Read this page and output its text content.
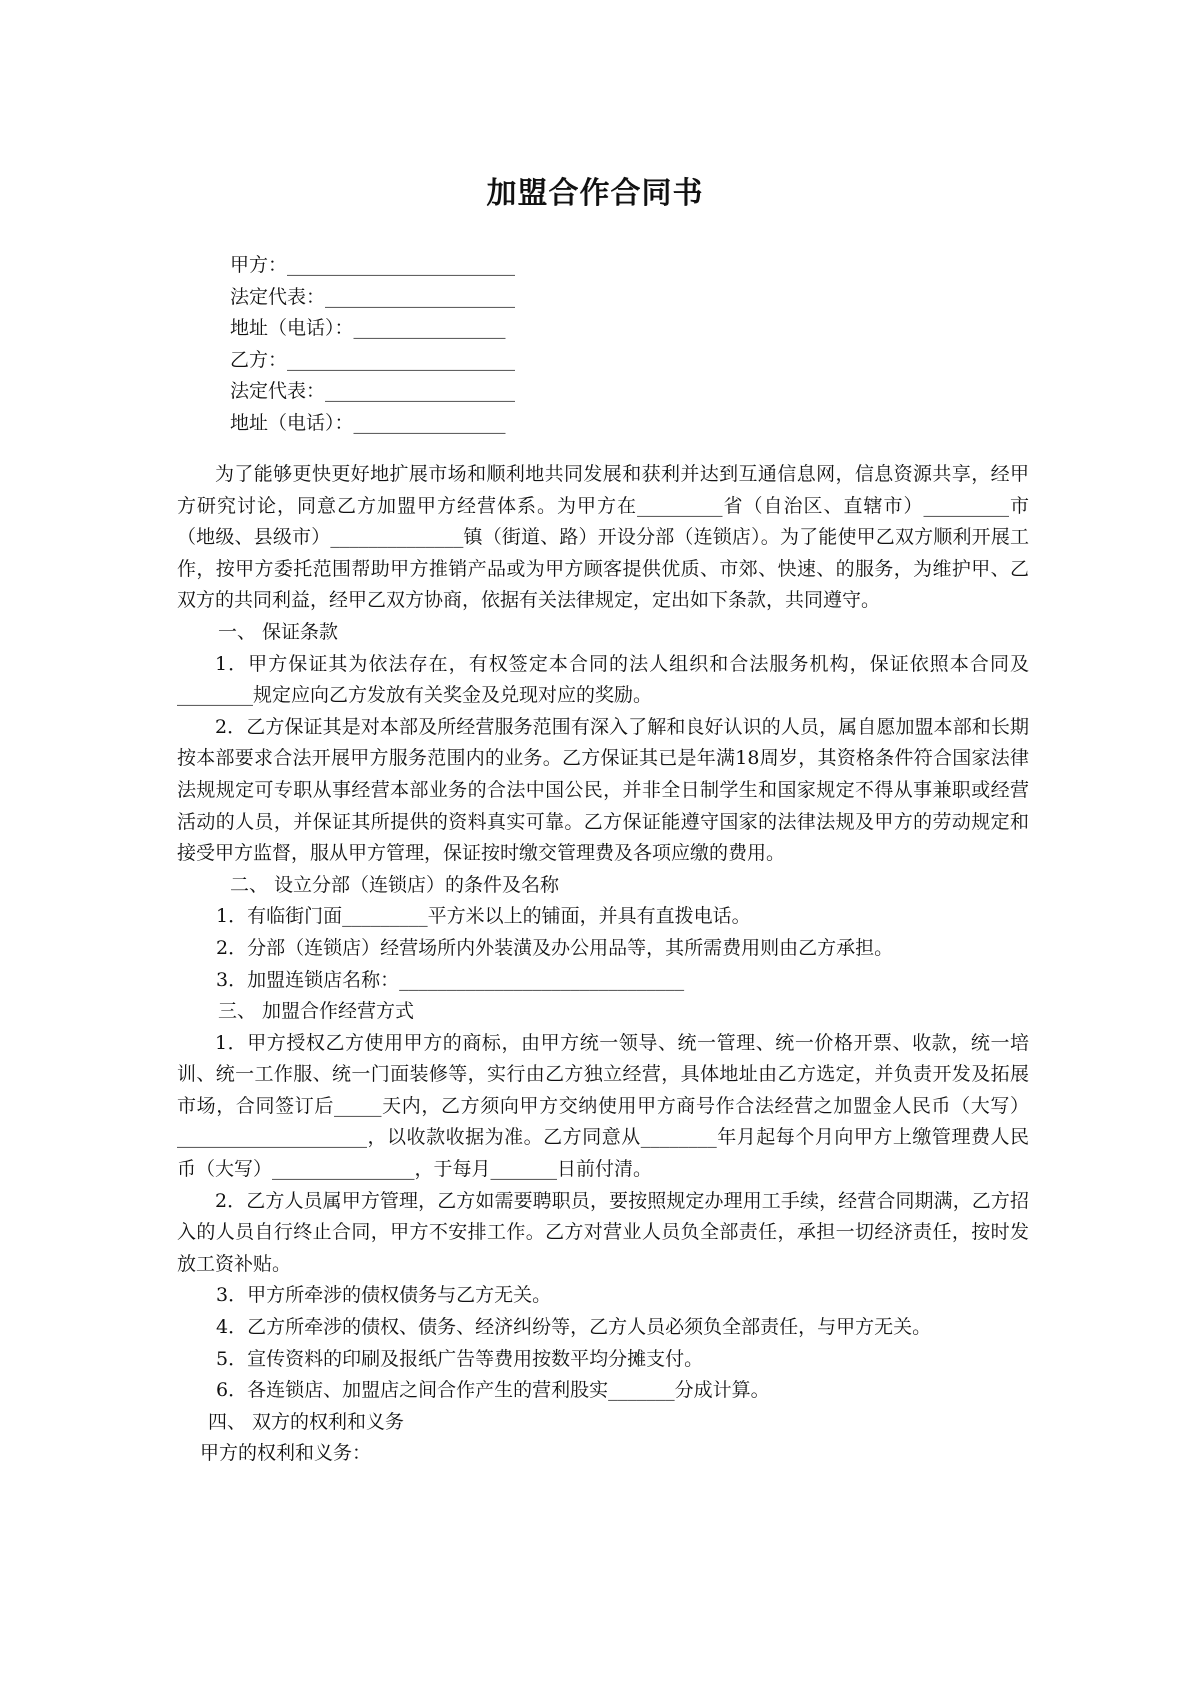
加盟合作合同书
甲方：________________________
法定代表：____________________
地址（电话）：________________
乙方：________________________
法定代表：____________________
地址（电话）：________________
为了能够更快更好地扩展市场和顺利地共同发展和获利并达到互通信息网，信息资源共享，经甲方研究讨论，同意乙方加盟甲方经营体系。为甲方在_________省（自治区、直辖市）_________市（地级、县级市）______________镇（街道、路）开设分部（连锁店）。为了能使甲乙双方顺利开展工作，按甲方委托范围帮助甲方推销产品或为甲方顾客提供优质、市郊、快速、的服务，为维护甲、乙双方的共同利益，经甲乙双方协商，依据有关法律规定，定出如下条款，共同遵守。
一、 保证条款
1．甲方保证其为依法存在，有权签定本合同的法人组织和合法服务机构，保证依照本合同及________规定应向乙方发放有关奖金及兑现对应的奖励。
2．乙方保证其是对本部及所经营服务范围有深入了解和良好认识的人员，属自愿加盟本部和长期按本部要求合法开展甲方服务范围内的业务。乙方保证其已是年满18周岁，其资格条件符合国家法律法规规定可专职从事经营本部业务的合法中国公民，并非全日制学生和国家规定不得从事兼职或经营活动的人员，并保证其所提供的资料真实可靠。乙方保证能遵守国家的法律法规及甲方的劳动规定和接受甲方监督，服从甲方管理，保证按时缴交管理费及各项应缴的费用。
二、 设立分部（连锁店）的条件及名称
1．有临街门面_________平方米以上的铺面，并具有直拨电话。
2．分部（连锁店）经营场所内外装潢及办公用品等，其所需费用则由乙方承担。
3．加盟连锁店名称：______________________________
三、 加盟合作经营方式
1．甲方授权乙方使用甲方的商标，由甲方统一领导、统一管理、统一价格开票、收款，统一培训、统一工作服、统一门面装修等，实行由乙方独立经营，具体地址由乙方选定，并负责开发及拓展市场，合同签订后_____天内，乙方须向甲方交纳使用甲方商号作合法经营之加盟金人民币（大写）____________________，以收款收据为准。乙方同意从________年月起每个月向甲方上缴管理费人民币（大写）_______________，于每月_______日前付清。
2．乙方人员属甲方管理，乙方如需要聘职员，要按照规定办理用工手续，经营合同期满，乙方招入的人员自行终止合同，甲方不安排工作。乙方对营业人员负全部责任，承担一切经济责任，按时发放工资补贴。
3．甲方所牵涉的债权债务与乙方无关。
4．乙方所牵涉的债权、债务、经济纠纷等，乙方人员必须负全部责任，与甲方无关。
5．宣传资料的印刷及报纸广告等费用按数平均分摊支付。
6．各连锁店、加盟店之间合作产生的营利股实_______分成计算。
四、 双方的权利和义务
甲方的权利和义务：
